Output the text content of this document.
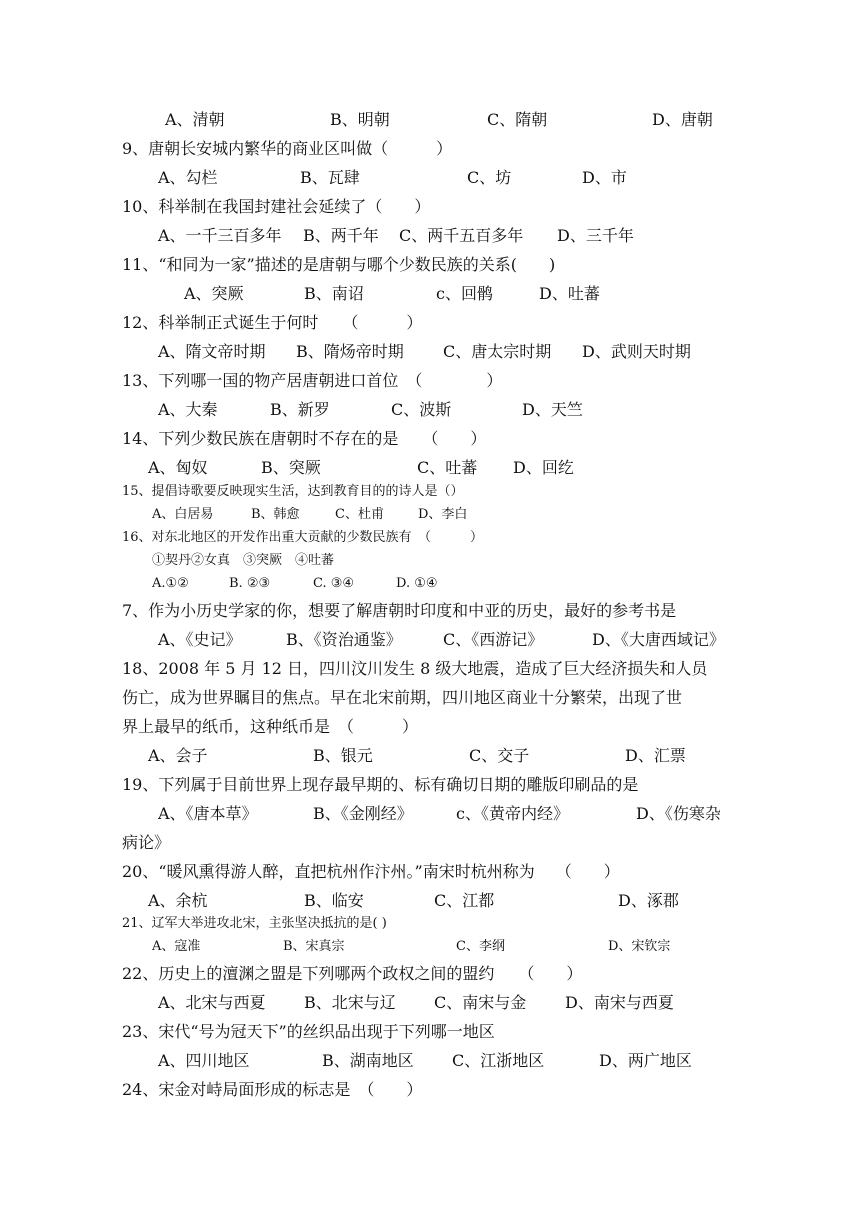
A、清朝	B、明朝	C、隋朝	D、唐朝
9、唐朝长安城内繁华的商业区叫做（　　　）
A、勾栏	B、瓦肆	C、坊	D、市
10、科举制在我国封建社会延续了（　　）
A、一千三百多年 B、两千年 C、两千五百多年 D、三千年
11、“和同为一家”描述的是唐朝与哪个少数民族的关系(　　)
A、突厥	B、南诏	c、回鹘	D、吐蕃
12、科举制正式诞生于何时　　（　　　）
A、隋文帝时期 B、隋炀帝时期 C、唐太宗时期 D、武则天时期
13、下列哪一国的物产居唐朝进口首位　（　　　　）
A、大秦	B、新罗	C、波斯	D、天竺
14、下列少数民族在唐朝时不存在的是　　（　　）
A、匈奴	B、突厥	C、吐蕃 D、回纥
15、提倡诗歌要反映现实生活，达到教育目的的诗人是（）
A、白居易	B、韩愈	C、杜甫	D、李白
16、对东北地区的开发作出重大贡献的少数民族有　（　　　）
①契丹②女真　③突厥　④吐蕃
A.①②	B. ②③	C. ③④	D. ①④
7、作为小历史学家的你，想要了解唐朝时印度和中亚的历史，最好的参考书是
A、《史记》	B、《资治通鉴》	C、《西游记》	D、《大唐西域记》
18、2008 年 5 月 12 日，四川汶川发生 8 级大地震，造成了巨大经济损失和人员
伤亡，成为世界瞩目的焦点。早在北宋前期，四川地区商业十分繁荣，出现了世
界上最早的纸币，这种纸币是　（　　　）
A、会子	B、银元	C、交子	D、汇票
19、下列属于目前世界上现存最早期的、标有确切日期的雕版印刷品的是
A、《唐本草》	B、《金刚经》	c、《黄帝内经》	D、《伤寒杂
病论》
20、“暖风熏得游人醉，直把杭州作汴州。”南宋时杭州称为　 （　　）
A、余杭	B、临安	C、江都	D、涿郡
21、辽军大举进攻北宋，主张坚决抵抗的是( )
A、寇准	B、宋真宗	C、李纲	D、宋钦宗
22、历史上的澶渊之盟是下列哪两个政权之间的盟约　　（　　）
A、北宋与西夏 B、北宋与辽 C、南宋与金 D、南宋与西夏
23、宋代“号为冠天下”的丝织品出现于下列哪一地区
A、四川地区	B、湖南地区 C、江浙地区	D、两广地区
24、宋金对峙局面形成的标志是　（　　）
